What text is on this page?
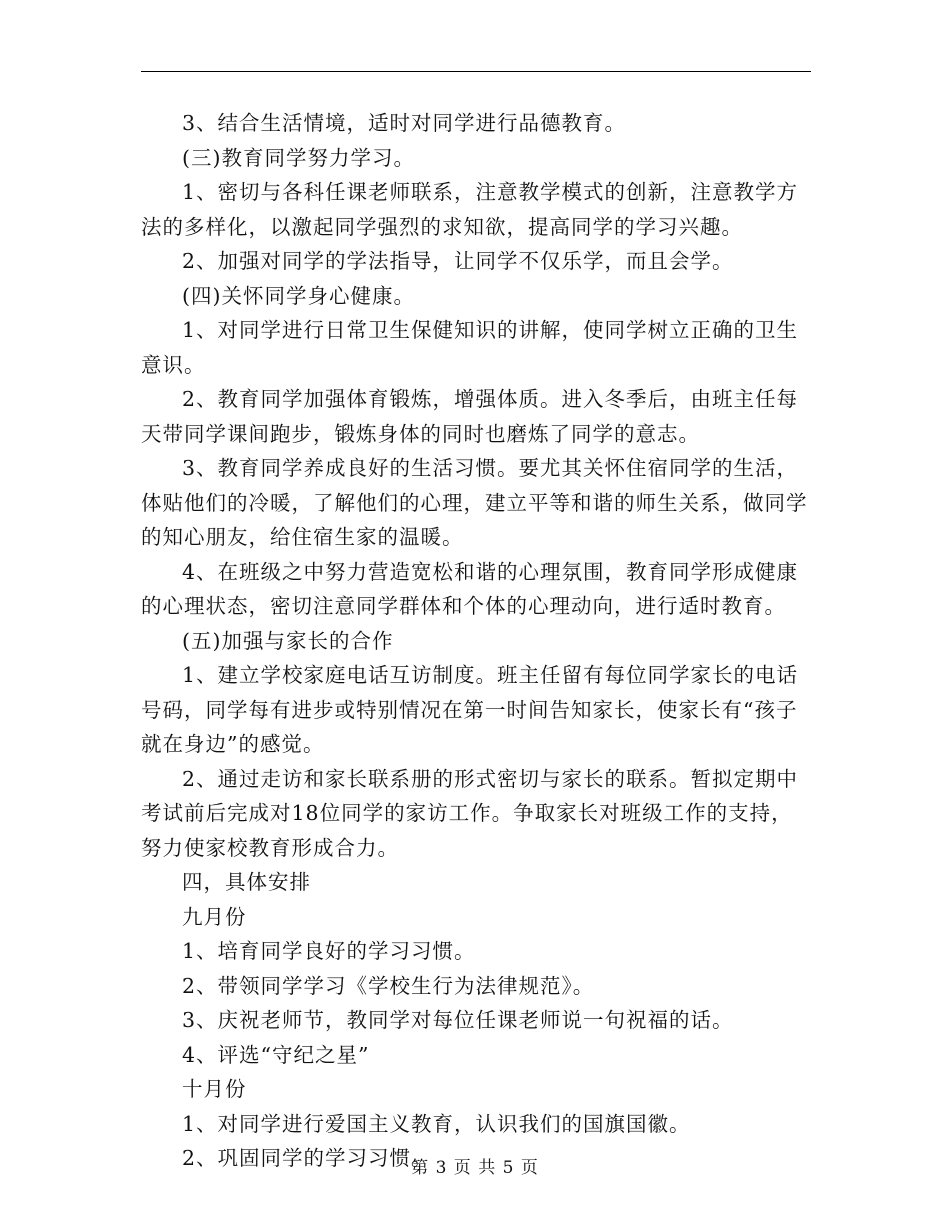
3、结合生活情境，适时对同学进行品德教育。

(三)教育同学努力学习。

1、密切与各科任课老师联系，注意教学模式的创新，注意教学方法的多样化，以激起同学强烈的求知欲，提高同学的学习兴趣。

2、加强对同学的学法指导，让同学不仅乐学，而且会学。

(四)关怀同学身心健康。

1、对同学进行日常卫生保健知识的讲解，使同学树立正确的卫生意识。

2、教育同学加强体育锻炼，增强体质。进入冬季后，由班主任每天带同学课间跑步，锻炼身体的同时也磨炼了同学的意志。

3、教育同学养成良好的生活习惯。要尤其关怀住宿同学的生活，体贴他们的冷暖，了解他们的心理，建立平等和谐的师生关系，做同学的知心朋友，给住宿生家的温暖。

4、在班级之中努力营造宽松和谐的心理氛围，教育同学形成健康的心理状态，密切注意同学群体和个体的心理动向，进行适时教育。

(五)加强与家长的合作

1、建立学校家庭电话互访制度。班主任留有每位同学家长的电话号码，同学每有进步或特别情况在第一时间告知家长，使家长有“孩子就在身边”的感觉。

2、通过走访和家长联系册的形式密切与家长的联系。暂拟定期中考试前后完成对18位同学的家访工作。争取家长对班级工作的支持，努力使家校教育形成合力。

四，具体安排

九月份

1、培育同学良好的学习习惯。

2、带领同学学习《学校生行为法律规范》。

3、庆祝老师节，教同学对每位任课老师说一句祝福的话。

4、评选“守纪之星”

十月份

1、对同学进行爱国主义教育，认识我们的国旗国徽。

2、巩固同学的学习习惯。

第 3 页 共 5 页
